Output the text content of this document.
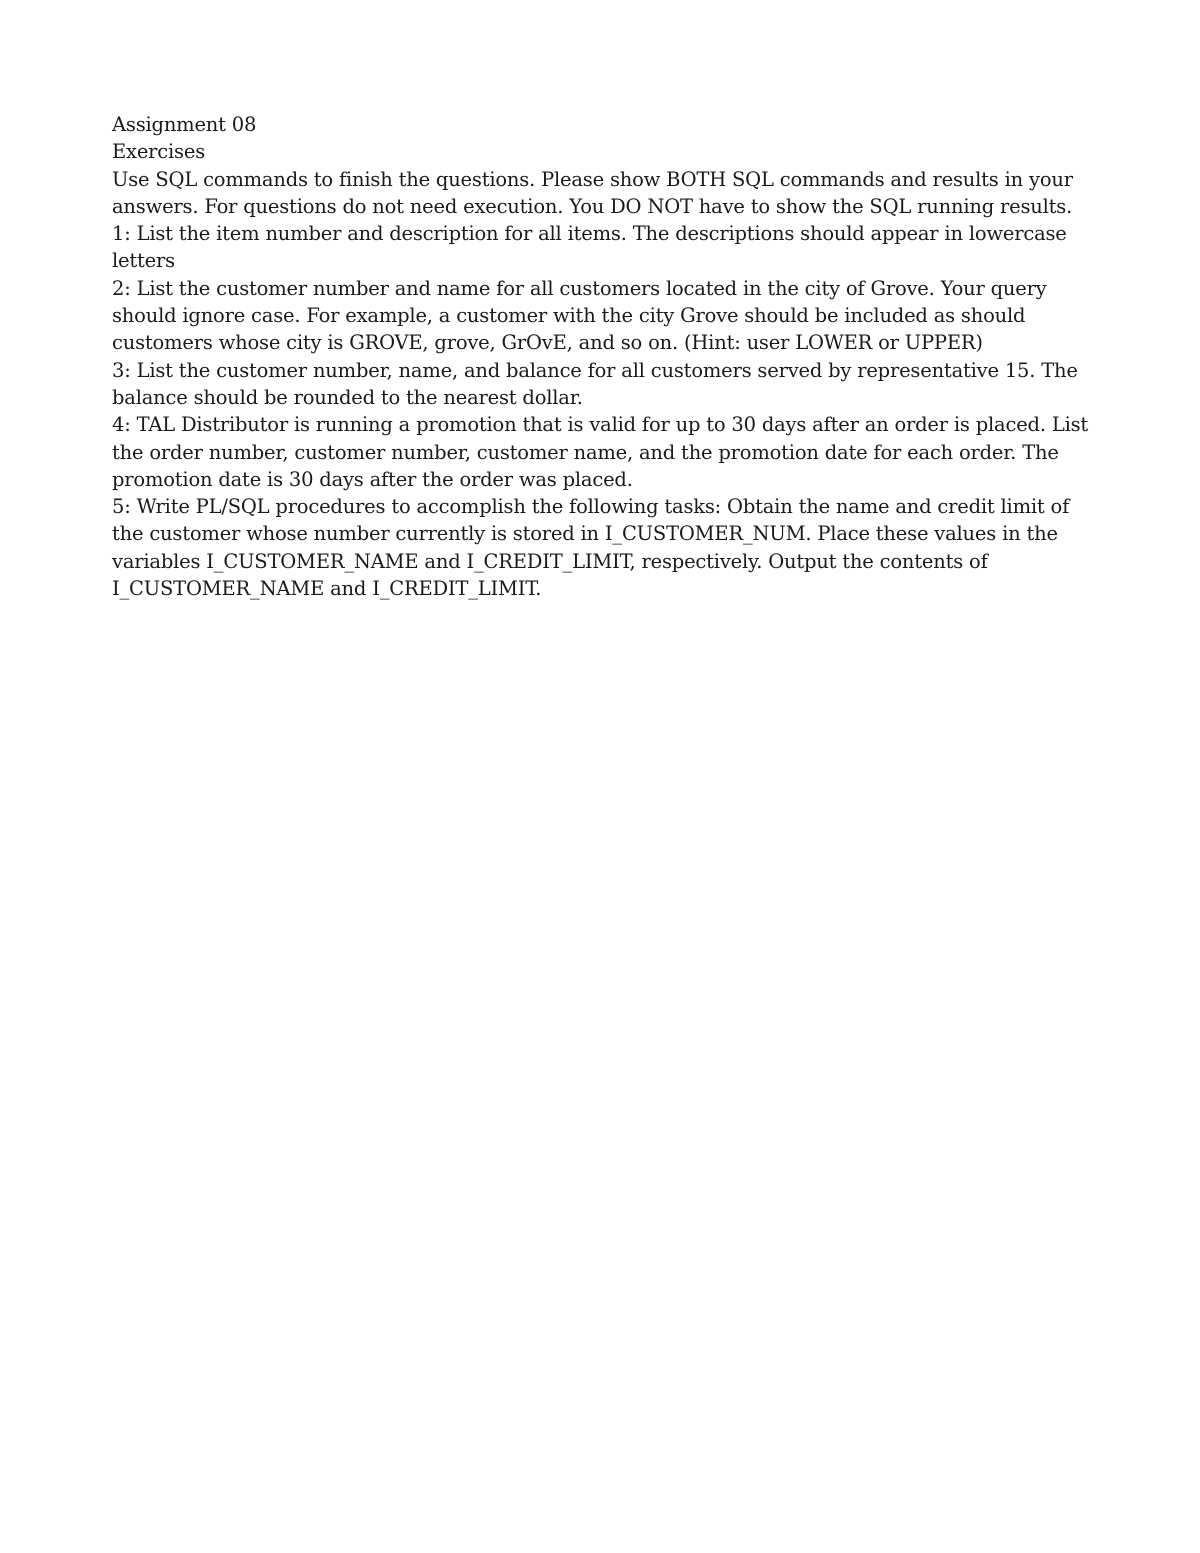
Assignment 08

Exercises

Use SQL commands to finish the questions. Please show BOTH SQL commands and results in your answers. For questions do not need execution. You DO NOT have to show the SQL running results.

1: List the item number and description for all items. The descriptions should appear in lowercase letters

2: List the customer number and name for all customers located in the city of Grove. Your query should ignore case. For example, a customer with the city Grove should be included as should customers whose city is GROVE, grove, GrOvE, and so on. (Hint: user LOWER or UPPER)

3: List the customer number, name, and balance for all customers served by representative 15. The balance should be rounded to the nearest dollar.

4: TAL Distributor is running a promotion that is valid for up to 30 days after an order is placed. List the order number, customer number, customer name, and the promotion date for each order. The promotion date is 30 days after the order was placed.

5: Write PL/SQL procedures to accomplish the following tasks: Obtain the name and credit limit of the customer whose number currently is stored in I_CUSTOMER_NUM. Place these values in the variables I_CUSTOMER_NAME and I_CREDIT_LIMIT, respectively. Output the contents of I_CUSTOMER_NAME and I_CREDIT_LIMIT.
